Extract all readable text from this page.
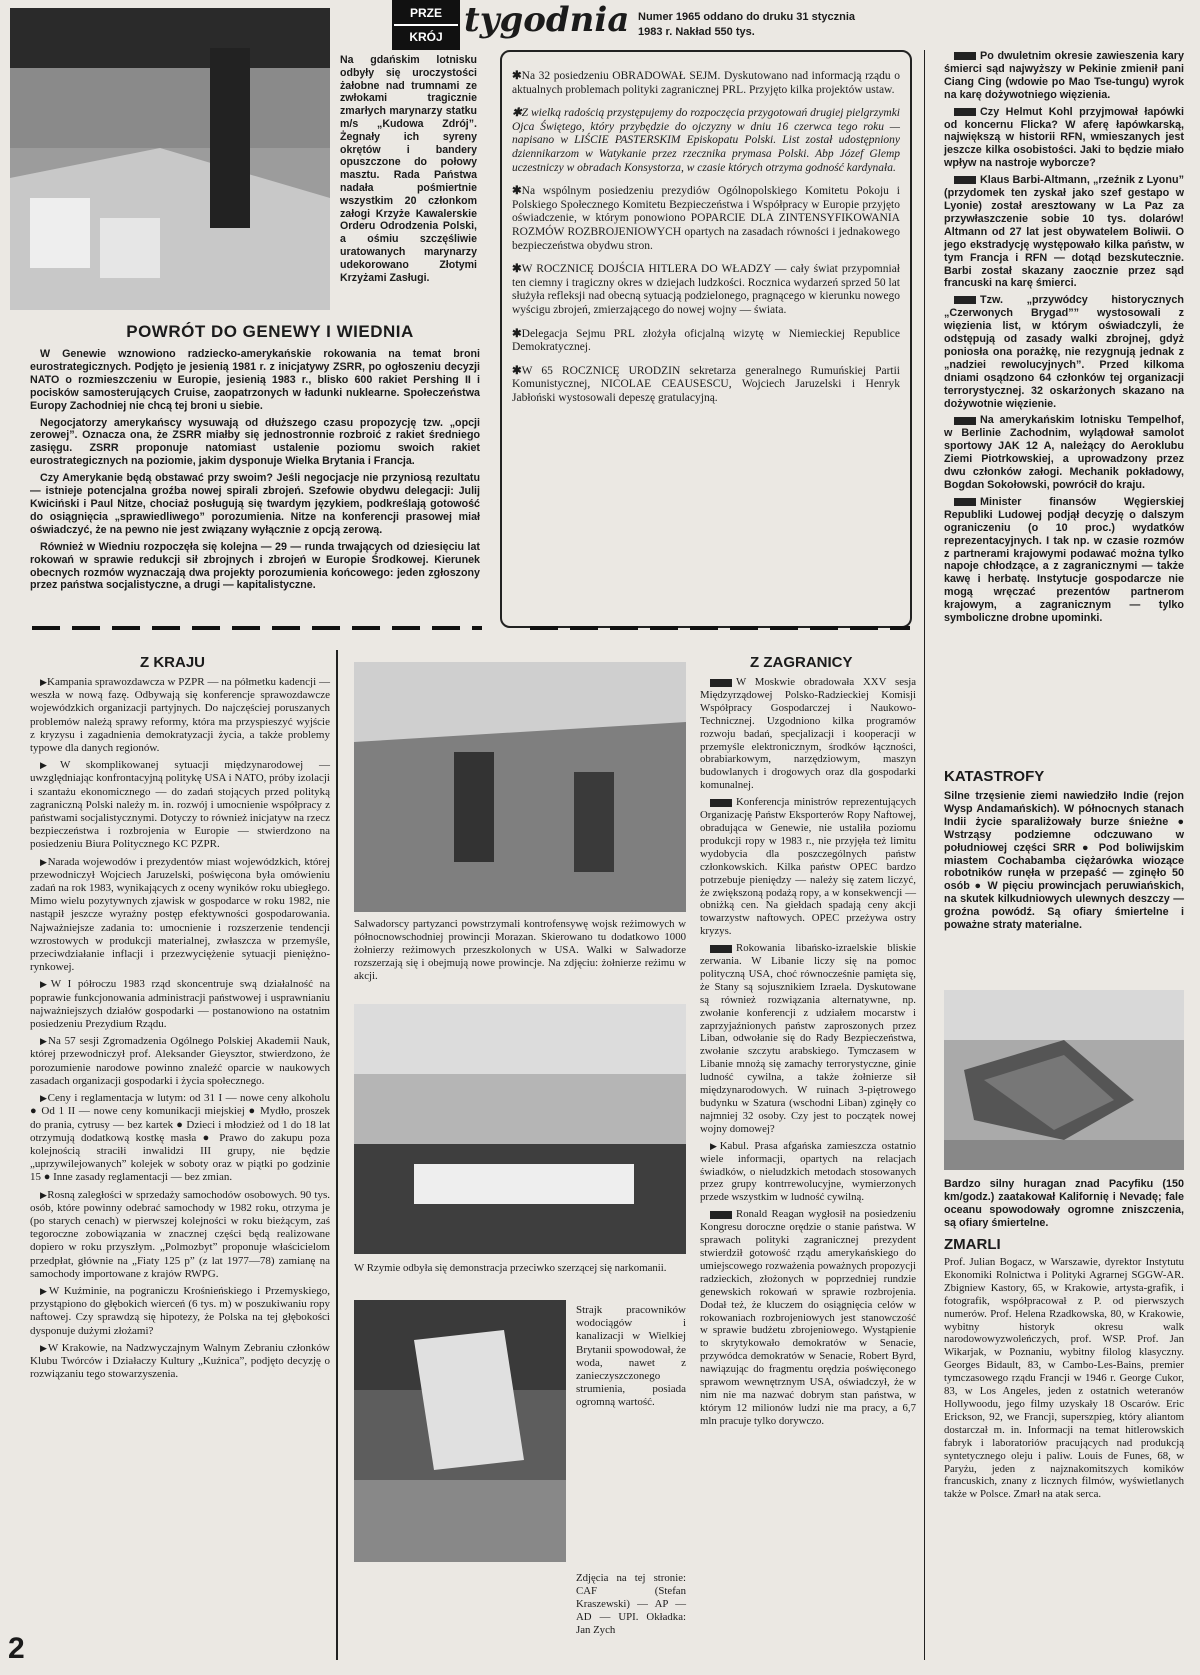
Na gdańskim lotnisku odbyły się uroczystości żałobne nad trumnami ze zwłokami tragicznie zmarłych marynarzy statku m/s „Kudowa Zdrój”. Żegnały ich syreny okrętów i bandery opuszczone do połowy masztu. Rada Państwa nadała pośmiertnie wszystkim 20 członkom załogi Krzyże Kawalerskie Orderu Odrodzenia Polski, a ośmiu szczęśliwie uratowanych marynarzy udekorowano Złotymi Krzyżami Zasługi.
PRZE
KRÓJ tygodnia Numer 1965 oddano do druku 31 stycznia 1983 r. Nakład 550 tys.
✱ Na 32 posiedzeniu OBRADOWAŁ SEJM. Dyskutowano nad informacją rządu o aktualnych problemach polityki zagranicznej PRL. Przyjęto kilka projektów ustaw.
✱ Z wielką radością przystępujemy do rozpoczęcia przygotowań drugiej pielgrzymki Ojca Świętego, który przybędzie do ojczyzny w dniu 16 czerwca tego roku — napisano w LIŚCIE PASTERSKIM Episkopatu Polski. List został udostępniony dziennikarzom w Watykanie przez rzecznika prymasa Polski. Abp Józef Glemp uczestniczy w obradach Konsystorza, w czasie których otrzyma godność kardynała.
✱ Na wspólnym posiedzeniu prezydiów Ogólnopolskiego Komitetu Pokoju i Polskiego Społecznego Komitetu Bezpieczeństwa i Współpracy w Europie przyjęto oświadczenie, w którym ponowiono POPARCIE DLA ZINTENSYFIKOWANIA ROZMÓW ROZBROJENIOWYCH opartych na zasadach równości i jednakowego bezpieczeństwa obydwu stron.
✱ W ROCZNICĘ DOJŚCIA HITLERA DO WŁADZY — cały świat przypomniał ten ciemny i tragiczny okres w dziejach ludzkości. Rocznica wydarzeń sprzed 50 lat służyła refleksji nad obecną sytuacją podzielonego, pragnącego w kierunku nowego wyścigu zbrojeń, zmierzającego do nowej wojny — świata.
✱ Delegacja Sejmu PRL złożyła oficjalną wizytę w Niemieckiej Republice Demokratycznej.
✱ W 65 ROCZNICĘ URODZIN sekretarza generalnego Rumuńskiej Partii Komunistycznej, NICOLAE CEAUSESCU, Wojciech Jaruzelski i Henryk Jabłoński wystosowali depeszę gratulacyjną.
POWRÓT DO GENEWY I WIEDNIA

W Genewie wznowiono radziecko-amerykańskie rokowania na temat broni eurostrategicznych. Podjęto je jesienią 1981 r. z inicjatywy ZSRR, po ogłoszeniu decyzji NATO o rozmieszczeniu w Europie, jesienią 1983 r., blisko 600 rakiet Pershing II i pocisków samosterujących Cruise, zaopatrzonych w ładunki nuklearne. Społeczeństwa Europy Zachodniej nie chcą tej broni u siebie.

Negocjatorzy amerykańscy wysuwają od dłuższego czasu propozycję tzw. „opcji zerowej”. Oznacza ona, że ZSRR miałby się jednostronnie rozbroić z rakiet średniego zasięgu. ZSRR proponuje natomiast ustalenie poziomu swoich rakiet eurostrategicznych na poziomie, jakim dysponuje Wielka Brytania i Francja.

Czy Amerykanie będą obstawać przy swoim? Jeśli negocjacje nie przyniosą rezultatu — istnieje potencjalna groźba nowej spirali zbrojeń. Szefowie obydwu delegacji: Julij Kwiciński i Paul Nitze, chociaż posługują się twardym językiem, podkreślają gotowość do osiągnięcia „sprawiedliwego” porozumienia. Nitze na konferencji prasowej miał oświadczyć, że na pewno nie jest związany wyłącznie z opcją zerową.

Również w Wiedniu rozpoczęła się kolejna — 29 — runda trwających od dziesięciu lat rokowań w sprawie redukcji sił zbrojnych i zbrojeń w Europie Środkowej. Kierunek obecnych rozmów wyznaczają dwa projekty porozumienia końcowego: jeden zgłoszony przez państwa socjalistyczne, a drugi — kapitalistyczne.

Po dwuletnim okresie zawieszenia kary śmierci sąd najwyższy w Pekinie zmienił pani Ciang Cing (wdowie po Mao Tse-tungu) wyrok na karę dożywotniego więzienia.

Czy Helmut Kohl przyjmował łapówki od koncernu Flicka? W aferę łapówkarską, największą w historii RFN, wmieszanych jest jeszcze kilka osobistości. Jaki to będzie miało wpływ na nastroje wyborcze?

Klaus Barbi-Altmann, „rzeźnik z Lyonu” (przydomek ten zyskał jako szef gestapo w Lyonie) został aresztowany w La Paz za przywłaszczenie sobie 10 tys. dolarów! Altmann od 27 lat jest obywatelem Boliwii. O jego ekstradycję występowało kilka państw, w tym Francja i RFN — dotąd bezskutecznie. Barbi został skazany zaocznie przez sąd francuski na karę śmierci.

Tzw. „przywódcy historycznych „Czerwonych Brygad”” wystosowali z więzienia list, w którym oświadczyli, że odstępują od zasady walki zbrojnej, gdyż poniosła ona porażkę, nie rezygnują jednak z „nadziei rewolucyjnych”. Przed kilkoma dniami osądzono 64 członków tej organizacji terrorystycznej. 32 oskarżonych skazano na dożywotnie więzienie.

Na amerykańskim lotnisku Tempelhof, w Berlinie Zachodnim, wylądował samolot sportowy JAK 12 A, należący do Aeroklubu Ziemi Piotrkowskiej, a uprowadzony przez dwu członków załogi. Mechanik pokładowy, Bogdan Sokołowski, powrócił do kraju.

Minister finansów Węgierskiej Republiki Ludowej podjął decyzję o dalszym ograniczeniu (o 10 proc.) wydatków reprezentacyjnych. I tak np. w czasie rozmów z partnerami krajowymi podawać można tylko napoje chłodzące, a z zagranicznymi — także kawę i herbatę. Instytucje gospodarcze nie mogą wręczać prezentów partnerom krajowym, a zagranicznym — tylko symboliczne drobne upominki.

KATASTROFY
Silne trzęsienie ziemi nawiedziło Indie (rejon Wysp Andamańskich). W północnych stanach Indii życie sparaliżowały burze śnieżne ● Wstrząsy podziemne odczuwano w południowej części SRR ● Pod boliwijskim miastem Cochabamba ciężarówka wiozące robotników runęła w przepaść — zginęło 50 osób ● W pięciu prowincjach peruwiańskich, na skutek kilkudniowych ulewnych deszczy — groźna powódź. Są ofiary śmiertelne i poważne straty materialne.
Bardzo silny huragan znad Pacyfiku (150 km/godz.) zaatakował Kalifornię i Nevadę; fale oceanu spowodowały ogromne zniszczenia, są ofiary śmiertelne.
ZMARLI
Prof. Julian Bogacz, w Warszawie, dyrektor Instytutu Ekonomiki Rolnictwa i Polityki Agrarnej SGGW-AR. Zbigniew Kastory, 65, w Krakowie, artysta-grafik, i fotografik, współpracował z P. od pierwszych numerów. Prof. Helena Rzadkowska, 80, w Krakowie, wybitny historyk okresu walk narodowowyzwoleńczych, prof. WSP. Prof. Jan Wikarjak, w Poznaniu, wybitny filolog klasyczny. Georges Bidault, 83, w Cambo-Les-Bains, premier tymczasowego rządu Francji w 1946 r. George Cukor, 83, w Los Angeles, jeden z ostatnich weteranów Hollywoodu, jego filmy uzyskały 18 Oscarów. Eric Erickson, 92, we Francji, superszpieg, który aliantom dostarczał m. in. Informacji na temat hitlerowskich fabryk i laboratoriów pracujących nad produkcją syntetycznego oleju i paliw. Louis de Funes, 68, w Paryżu, jeden z najznakomitszych komików francuskich, znany z licznych filmów, wyświetlanych także w Polsce. Zmarł na atak serca.
Z KRAJU

▶ Kampania sprawozdawcza w PZPR — na półmetku kadencji — weszła w nową fazę. Odbywają się konferencje sprawozdawcze wojewódzkich organizacji partyjnych. Do najczęściej poruszanych problemów należą sprawy reformy, która ma przyspieszyć wyjście z kryzysu i zagadnienia demokratyzacji życia, a także problemy typowe dla danych regionów.

▶ W skomplikowanej sytuacji międzynarodowej — uwzględniając konfrontacyjną politykę USA i NATO, próby izolacji i szantażu ekonomicznego — do zadań stojących przed polityką zagraniczną Polski należy m. in. rozwój i umocnienie współpracy z państwami socjalistycznymi. Dotyczy to również inicjatyw na rzecz bezpieczeństwa i rozbrojenia w Europie — stwierdzono na posiedzeniu Biura Politycznego KC PZPR.

▶ Narada wojewodów i prezydentów miast wojewódzkich, której przewodniczył Wojciech Jaruzelski, poświęcona była omówieniu zadań na rok 1983, wynikających z oceny wyników roku ubiegłego. Mimo wielu pozytywnych zjawisk w gospodarce w roku 1982, nie nastąpił jeszcze wyraźny postęp efektywności gospodarowania. Najważniejsze zadania to: umocnienie i rozszerzenie tendencji wzrostowych w produkcji materialnej, zwłaszcza w przemyśle, przeciwdziałanie inflacji i przezwyciężenie sytuacji pieniężno-rynkowej.

▶ W I półroczu 1983 rząd skoncentruje swą działalność na poprawie funkcjonowania administracji państwowej i usprawnianiu najważniejszych działów gospodarki — postanowiono na ostatnim posiedzeniu Prezydium Rządu.

▶ Na 57 sesji Zgromadzenia Ogólnego Polskiej Akademii Nauk, której przewodniczył prof. Aleksander Gieysztor, stwierdzono, że porozumienie narodowe powinno znaleźć oparcie w naukowych zasadach organizacji gospodarki i życia społecznego.

▶ Ceny i reglamentacja w lutym: od 31 I — nowe ceny alkoholu ● Od 1 II — nowe ceny komunikacji miejskiej ● Mydło, proszek do prania, cytrusy — bez kartek ● Dzieci i młodzież od 1 do 18 lat otrzymują dodatkową kostkę masła ● Prawo do zakupu poza kolejnością straciłi inwalidzi III grupy, nie będzie „uprzywilejowanych” kolejek w soboty oraz w piątki po godzinie 15 ● Inne zasady reglamentacji — bez zmian.

▶ Rosną zaległości w sprzedaży samochodów osobowych. 90 tys. osób, które powinny odebrać samochody w 1982 roku, otrzyma je (po starych cenach) w pierwszej kolejności w roku bieżącym, zaś tegoroczne zobowiązania w znacznej części będą realizowane dopiero w roku przyszłym. „Polmozbyt” proponuje właścicielom przedpłat, głównie na „Fiaty 125 p” (z lat 1977—78) zamianę na samochody importowane z krajów RWPG.

▶ W Kuźminie, na pograniczu Krośnieńskiego i Przemyskiego, przystąpiono do głębokich wierceń (6 tys. m) w poszukiwaniu ropy naftowej. Czy sprawdzą się hipotezy, że Polska na tej głębokości dysponuje dużymi złożami?

▶ W Krakowie, na Nadzwyczajnym Walnym Zebraniu członków Klubu Twórców i Działaczy Kultury „Kuźnica”, podjęto decyzję o rozwiązaniu tego stowarzyszenia.

Salwadorscy partyzanci powstrzymali kontrofensywę wojsk reżimowych w północnowschodniej prowincji Morazan. Skierowano tu dodatkowo 1000 żołnierzy reżimowych przeszkolonych w USA. Walki w Salwadorze rozszerzają się i obejmują nowe prowincje. Na zdjęciu: żołnierze reżimu w akcji.
W Rzymie odbyła się demonstracja przeciwko szerzącej się narkomanii.
Strajk pracowników wodociągów i kanalizacji w Wielkiej Brytanii spowodował, że woda, nawet z zanieczyszczonego strumienia, posiada ogromną wartość.
Zdjęcia na tej stronie: CAF (Stefan Kraszewski) — AP — AD — UPI. Okładka: Jan Zych
Z ZAGRANICY

W Moskwie obradowała XXV sesja Międzyrządowej Polsko-Radzieckiej Komisji Współpracy Gospodarczej i Naukowo-Technicznej. Uzgodniono kilka programów rozwoju badań, specjalizacji i kooperacji w przemyśle elektronicznym, środków łączności, obrabiarkowym, narzędziowym, maszyn budowlanych i drogowych oraz dla gospodarki komunalnej.

Konferencja ministrów reprezentujących Organizację Państw Eksporterów Ropy Naftowej, obradująca w Genewie, nie ustaliła poziomu produkcji ropy w 1983 r., nie przyjęła też limitu wydobycia dla poszczególnych państw członkowskich. Kilka państw OPEC bardzo potrzebuje pieniędzy — należy się zatem liczyć, że zwiększoną podażą ropy, a w konsekwencji — obniżką cen. Na giełdach spadają ceny akcji towarzystw naftowych. OPEC przeżywa ostry kryzys.

Rokowania libańsko-izraelskie bliskie zerwania. W Libanie liczy się na pomoc polityczną USA, choć równocześnie pamięta się, że Stany są sojusznikiem Izraela. Dyskutowane są również rozwiązania alternatywne, np. zwołanie konferencji z udziałem mocarstw i zaprzyjaźnionych państw zaproszonych przez Liban, odwołanie się do Rady Bezpieczeństwa, zwołanie szczytu arabskiego. Tymczasem w Libanie mnożą się zamachy terrorystyczne, ginie ludność cywilna, a także żołnierze sił międzynarodowych. W ruinach 3-piętrowego budynku w Szatura (wschodni Liban) zginęły co najmniej 32 osoby. Czy jest to początek nowej wojny domowej?

▶ Kabul. Prasa afgańska zamieszcza ostatnio wiele informacji, opartych na relacjach świadków, o nieludzkich metodach stosowanych przez grupy kontrrewolucyjne, wymierzonych przede wszystkim w ludność cywilną.

Ronald Reagan wygłosił na posiedzeniu Kongresu doroczne orędzie o stanie państwa. W sprawach polityki zagranicznej prezydent stwierdził gotowość rządu amerykańskiego do umiejscowego rozważenia poważnych propozycji radzieckich, złożonych w poprzedniej rundzie genewskich rokowań w sprawie rozbrojenia. Dodał też, że kluczem do osiągnięcia celów w rokowaniach rozbrojeniowych jest stanowczość w sprawie budżetu zbrojeniowego. Wystąpienie to skrytykowało demokratów w Senacie, przywódca demokratów w Senacie, Robert Byrd, nawiązując do fragmentu orędzia poświęconego sprawom wewnętrznym USA, oświadczył, że w nim nie ma nazwać dobrym stan państwa, w którym 12 milionów ludzi nie ma pracy, a 6,7 mln pracuje tylko dorywczo.

2
